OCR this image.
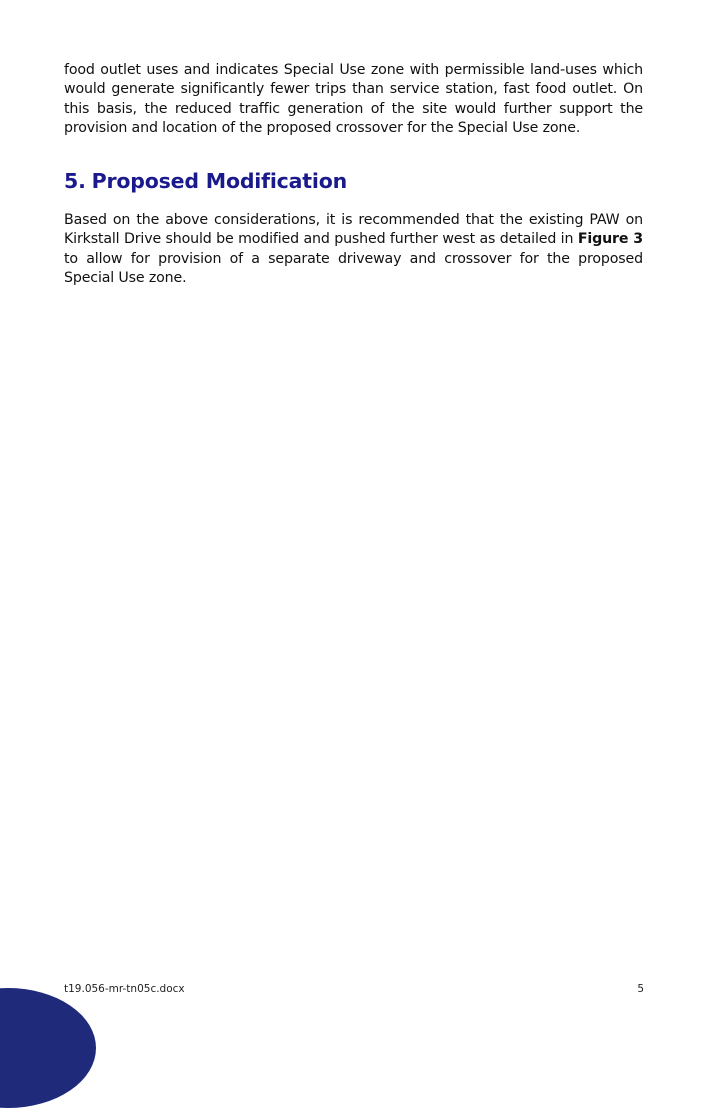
food outlet uses and indicates Special Use zone with permissible land-uses which would generate significantly fewer trips than service station, fast food outlet. On this basis, the reduced traffic generation of the site would further support the provision and location of the proposed crossover for the Special Use zone.

5. Proposed Modification

Based on the above considerations, it is recommended that the existing PAW on Kirkstall Drive should be modified and pushed further west as detailed in Figure 3 to allow for provision of a separate driveway and crossover for the proposed Special Use zone.

t19.056-mr-tn05c.docx	5
